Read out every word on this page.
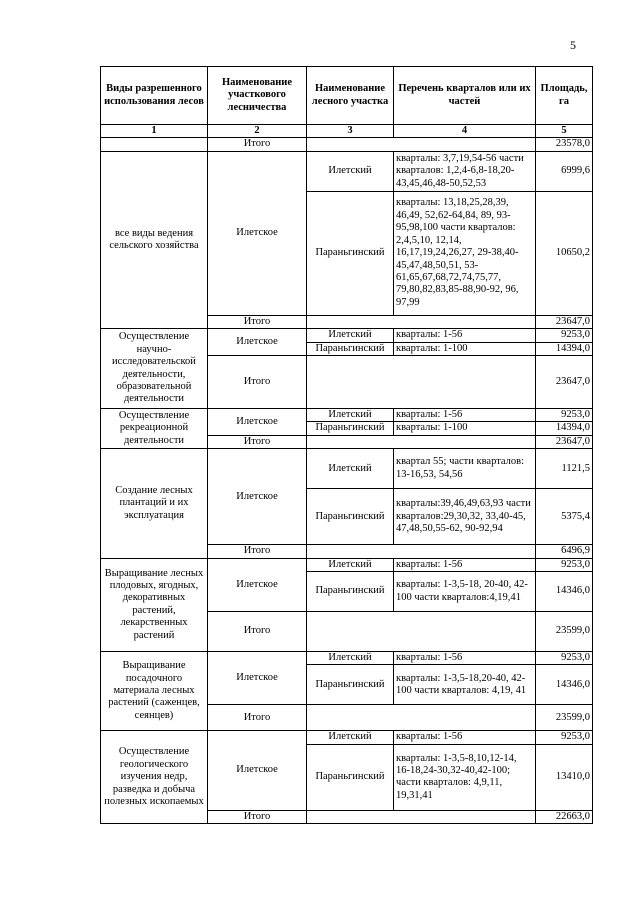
5
Виды разрешенного использования лесов	Наименование участкового лесничества	Наименование лесного участка	Перечень кварталов или их частей	Площадь, га
1	2	3	4	5
	Итого			23578,0
все виды ведения сельского хозяйства	Илетское	Илетский	кварталы: 3,7,19,54-56 части кварталов: 1,2,4-6,8-18,20-43,45,46,48-50,52,53	6999,6
		Параньгинский	кварталы: 13,18,25,28,39, 46,49, 52,62-64,84, 89, 93-95,98,100 части кварталов: 2,4,5,10, 12,14, 16,17,19,24,26,27, 29-38,40-45,47,48,50,51, 53-61,65,67,68,72,74,75,77, 79,80,82,83,85-88,90-92, 96, 97,99	10650,2
	Итого			23647,0
Осуществление научно-исследовательской деятельности, образовательной деятельности	Илетское	Илетский	кварталы: 1-56	9253,0
		Параньгинский	кварталы: 1-100	14394,0
	Итого			23647,0
Осуществление рекреационной деятельности	Илетское	Илетский	кварталы: 1-56	9253,0
		Параньгинский	кварталы: 1-100	14394,0
	Итого			23647,0
Создание лесных плантаций и их эксплуатация	Илетское	Илетский	квартал 55; части кварталов: 13-16,53, 54,56	1121,5
		Параньгинский	кварталы:39,46,49,63,93 части кварталов:29,30,32, 33,40-45, 47,48,50,55-62, 90-92,94	5375,4
	Итого			6496,9
Выращивание лесных плодовых, ягодных, декоративных растений, лекарственных растений	Илетское	Илетский	кварталы: 1-56	9253,0
		Параньгинский	кварталы: 1-3,5-18, 20-40, 42-100 части кварталов:4,19,41	14346,0
	Итого			23599,0
Выращивание посадочного материала лесных растений (саженцев, сеянцев)	Илетское	Илетский	кварталы: 1-56	9253,0
		Параньгинский	кварталы: 1-3,5-18,20-40, 42-100 части кварталов: 4,19, 41	14346,0
	Итого			23599,0
Осуществление геологического изучения недр, разведка и добыча полезных ископаемых	Илетское	Илетский	кварталы: 1-56	9253,0
		Параньгинский	кварталы: 1-3,5-8,10,12-14, 16-18,24-30,32-40,42-100; части кварталов: 4,9,11, 19,31,41	13410,0
	Итого			22663,0
